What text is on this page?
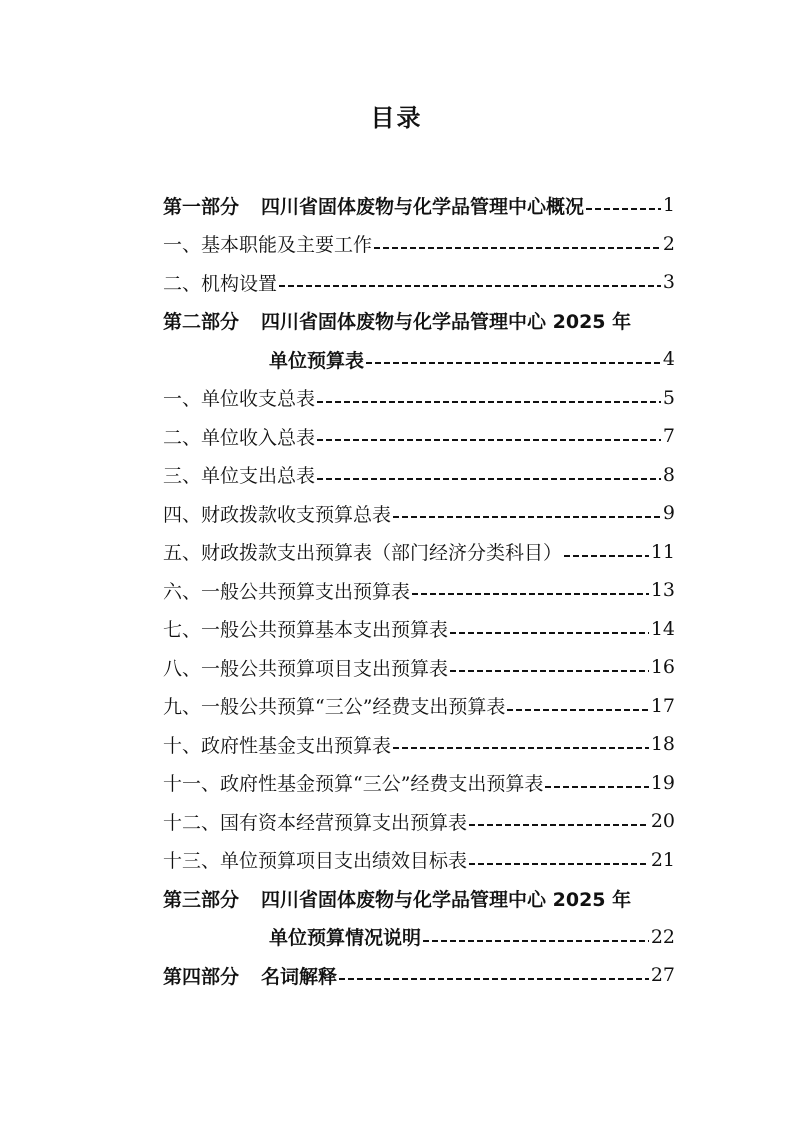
目录
第一部分 四川省固体废物与化学品管理中心概况	1
一、基本职能及主要工作	2
二、机构设置	3
第二部分 四川省固体废物与化学品管理中心 2025 年
单位预算表	4
一、单位收支总表	5
二、单位收入总表	7
三、单位支出总表	8
四、财政拨款收支预算总表	9
五、财政拨款支出预算表（部门经济分类科目）	11
六、一般公共预算支出预算表	13
七、一般公共预算基本支出预算表	14
八、一般公共预算项目支出预算表	16
九、一般公共预算“三公”经费支出预算表	17
十、政府性基金支出预算表	18
十一、政府性基金预算“三公”经费支出预算表	19
十二、国有资本经营预算支出预算表	20
十三、单位预算项目支出绩效目标表	21
第三部分 四川省固体废物与化学品管理中心 2025 年
单位预算情况说明	22
第四部分 名词解释	27
